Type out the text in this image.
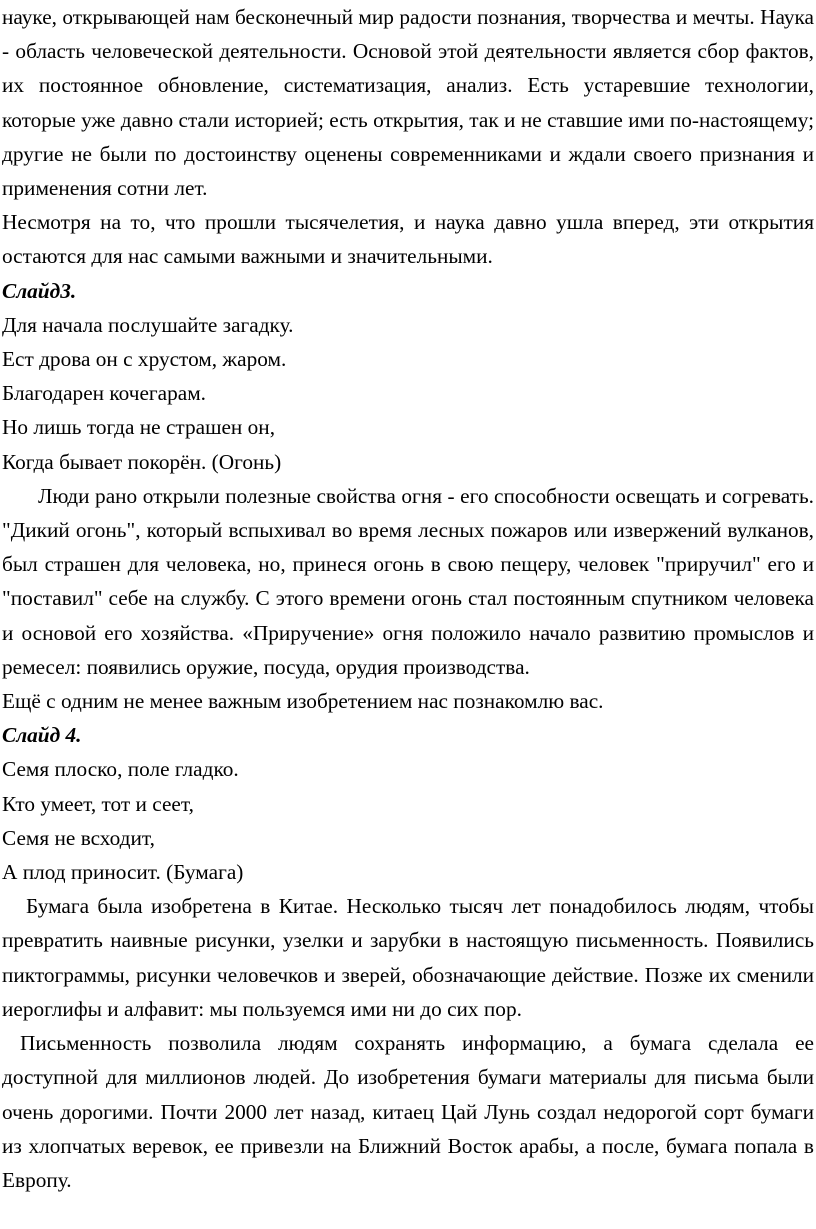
науке, открывающей нам бесконечный мир радости познания, творчества и мечты. Наука - область человеческой деятельности. Основой этой деятельности является сбор фактов, их постоянное обновление, систематизация, анализ. Есть устаревшие технологии, которые уже давно стали историей; есть открытия, так и не ставшие ими по-настоящему; другие не были по достоинству оценены современниками и ждали своего признания и применения сотни лет.

Несмотря на то, что прошли тысячелетия, и наука давно ушла вперед, эти открытия остаются для нас самыми важными и значительными.

Слайд3.

Для начала послушайте загадку.

Ест дрова он с хрустом, жаром.

Благодарен кочегарам.

Но лишь тогда не страшен он,

Когда бывает покорён. (Огонь)

Люди рано открыли полезные свойства огня - его способности освещать и согревать. "Дикий огонь", который вспыхивал во время лесных пожаров или извержений вулканов, был страшен для человека, но, принеся огонь в свою пещеру, человек "приручил" его и "поставил" себе на службу. С этого времени огонь стал постоянным спутником человека и основой его хозяйства. «Приручение» огня положило начало развитию промыслов и ремесел: появились оружие, посуда, орудия производства.

Ещё с одним не менее важным изобретением нас познакомлю вас.

Слайд 4.

Семя плоско, поле гладко.

Кто умеет, тот и сеет,

Семя не всходит,

А плод приносит. (Бумага)

Бумага была изобретена в Китае. Несколько тысяч лет понадобилось людям, чтобы превратить наивные рисунки, узелки и зарубки в настоящую письменность. Появились пиктограммы, рисунки человечков и зверей, обозначающие действие. Позже их сменили иероглифы и алфавит: мы пользуемся ими ни до сих пор.

Письменность позволила людям сохранять информацию, а бумага сделала ее доступной для миллионов людей. До изобретения бумаги материалы для письма были очень дорогими. Почти 2000 лет назад, китаец Цай Лунь создал недорогой сорт бумаги из хлопчатых веревок, ее привезли на Ближний Восток арабы, а после, бумага попала в Европу.
